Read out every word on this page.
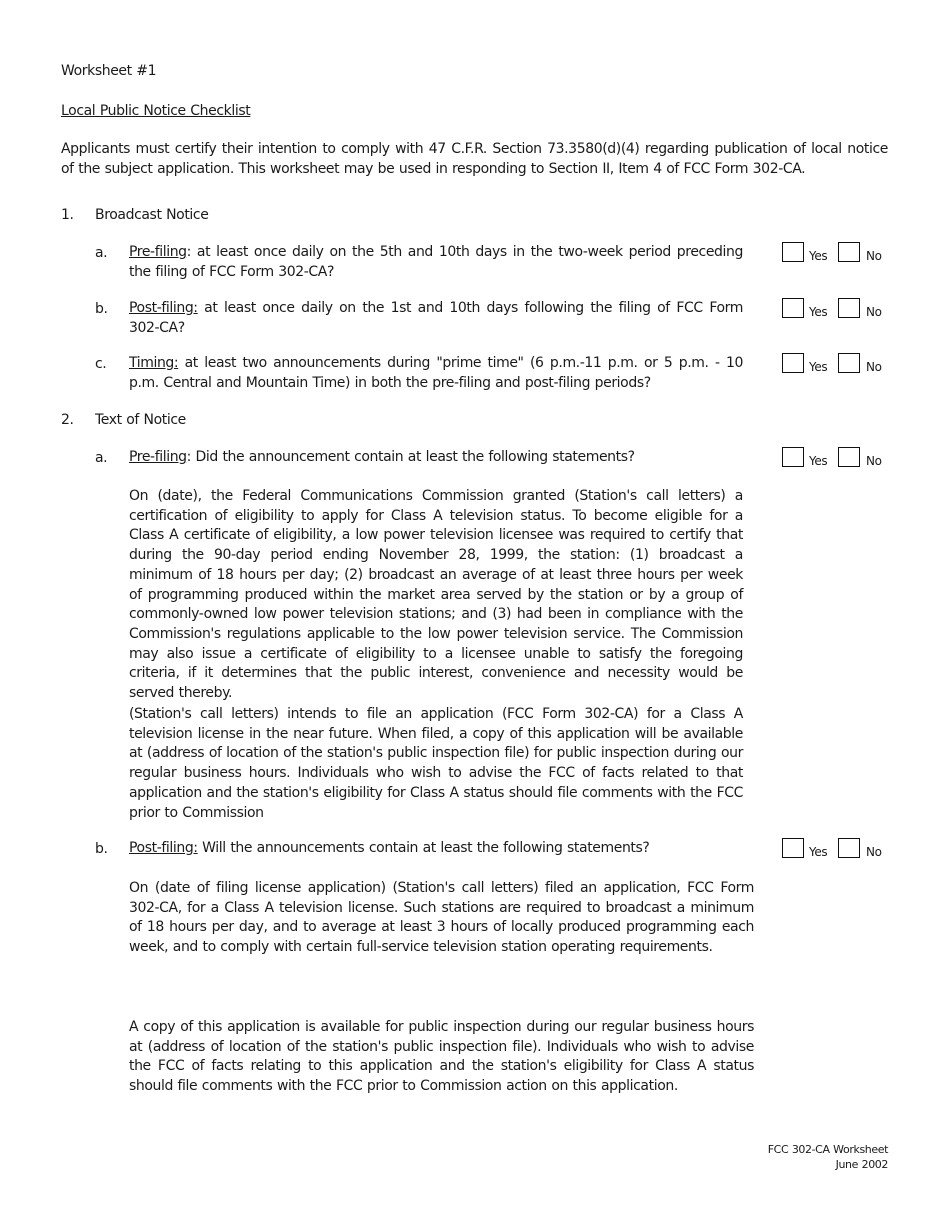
Worksheet #1
Local Public Notice Checklist
Applicants must certify their intention to comply with 47 C.F.R. Section 73.3580(d)(4) regarding publication of local notice of the subject application. This worksheet may be used in responding to Section II, Item 4 of FCC Form 302-CA.
1. Broadcast Notice
a. Pre-filing: at least once daily on the 5th and 10th days in the two-week period preceding the filing of FCC Form 302-CA?
Yes	No
b. Post-filing: at least once daily on the 1st and 10th days following the filing of FCC Form 302-CA?
Yes	No
c. Timing: at least two announcements during "prime time" (6 p.m.-11 p.m. or 5 p.m. - 10 p.m. Central and Mountain Time) in both the pre-filing and post-filing periods?
Yes	No
2. Text of Notice
a. Pre-filing: Did the announcement contain at least the following statements?	Yes	No
On (date), the Federal Communications Commission granted (Station's call letters) a certification of eligibility to apply for Class A television status. To become eligible for a Class A certificate of eligibility, a low power television licensee was required to certify that during the 90-day period ending November 28, 1999, the station: (1) broadcast a minimum of 18 hours per day; (2) broadcast an average of at least three hours per week of programming produced within the market area served by the station or by a group of commonly-owned low power television stations; and (3) had been in compliance with the Commission's regulations applicable to the low power television service. The Commission may also issue a certificate of eligibility to a licensee unable to satisfy the foregoing criteria, if it determines that the public interest, convenience and necessity would be served thereby.
(Station's call letters) intends to file an application (FCC Form 302-CA) for a Class A television license in the near future. When filed, a copy of this application will be available at (address of location of the station's public inspection file) for public inspection during our regular business hours. Individuals who wish to advise the FCC of facts related to that application and the station's eligibility for Class A status should file comments with the FCC prior to Commission
b. Post-filing: Will the announcements contain at least the following statements?	Yes	No
On (date of filing license application) (Station's call letters) filed an application, FCC Form 302-CA, for a Class A television license. Such stations are required to broadcast a minimum of 18 hours per day, and to average at least 3 hours of locally produced programming each week, and to comply with certain full-service television station operating requirements.
A copy of this application is available for public inspection during our regular business hours at (address of location of the station's public inspection file). Individuals who wish to advise the FCC of facts relating to this application and the station's eligibility for Class A status should file comments with the FCC prior to Commission action on this application.
FCC 302-CA Worksheet
June 2002
